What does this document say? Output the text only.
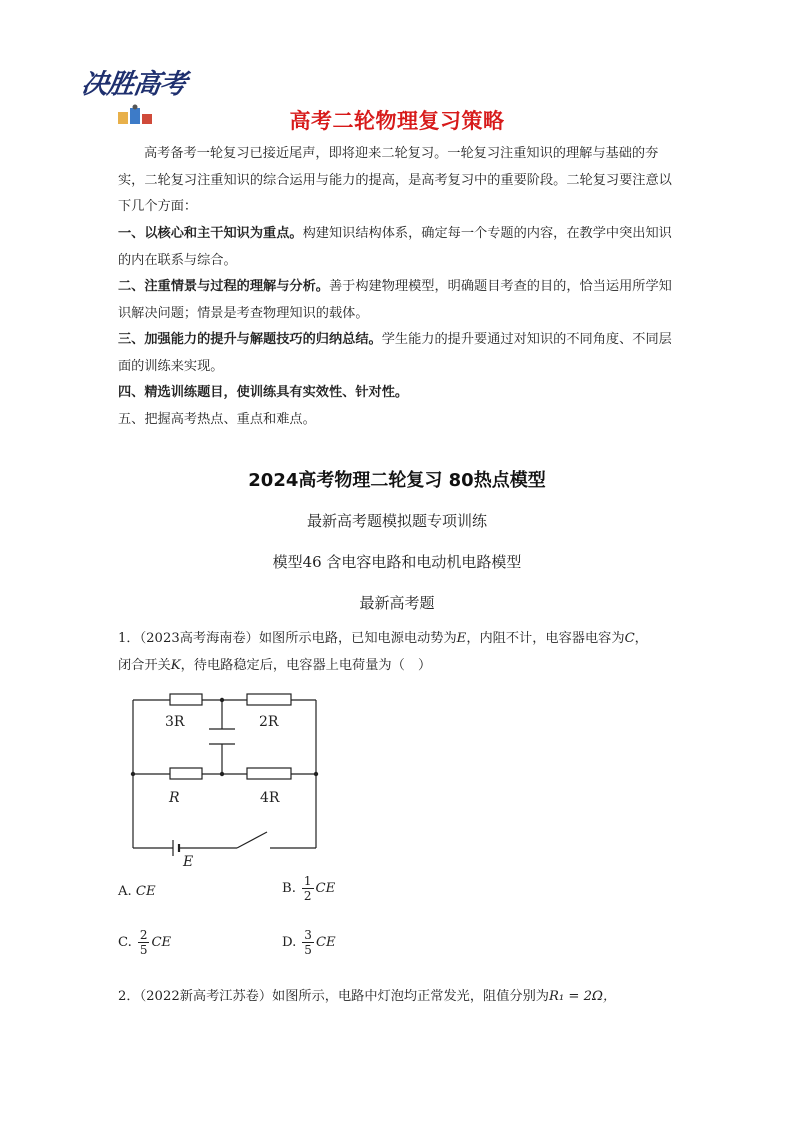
决胜高考
高考二轮物理复习策略
高考备考一轮复习已接近尾声，即将迎来二轮复习。一轮复习注重知识的理解与基础的夯实，二轮复习注重知识的综合运用与能力的提高，是高考复习中的重要阶段。二轮复习要注意以下几个方面：
一、以核心和主干知识为重点。构建知识结构体系，确定每一个专题的内容，在教学中突出知识的内在联系与综合。
二、注重情景与过程的理解与分析。善于构建物理模型，明确题目考查的目的，恰当运用所学知识解决问题；情景是考查物理知识的载体。
三、加强能力的提升与解题技巧的归纳总结。学生能力的提升要通过对知识的不同角度、不同层面的训练来实现。
四、精选训练题目，使训练具有实效性、针对性。
五、把握高考热点、重点和难点。
2024高考物理二轮复习 80热点模型
最新高考题模拟题专项训练
模型46 含电容电路和电动机电路模型
最新高考题
1．（2023高考海南卷）如图所示电路，已知电源电动势为E，内阻不计，电容器电容为C，
闭合开关K，待电路稳定后，电容器上电荷量为（　）
3R	2R
R	4R
E
A.
CE	B. $\frac{1}{2}$ CE
C. $\frac{2}{5}$ CE	D. $\frac{3}{5}$ CE
2．（2022新高考江苏卷）如图所示，电路中灯泡均正常发光，阻值分别为R₁ = 2Ω，
